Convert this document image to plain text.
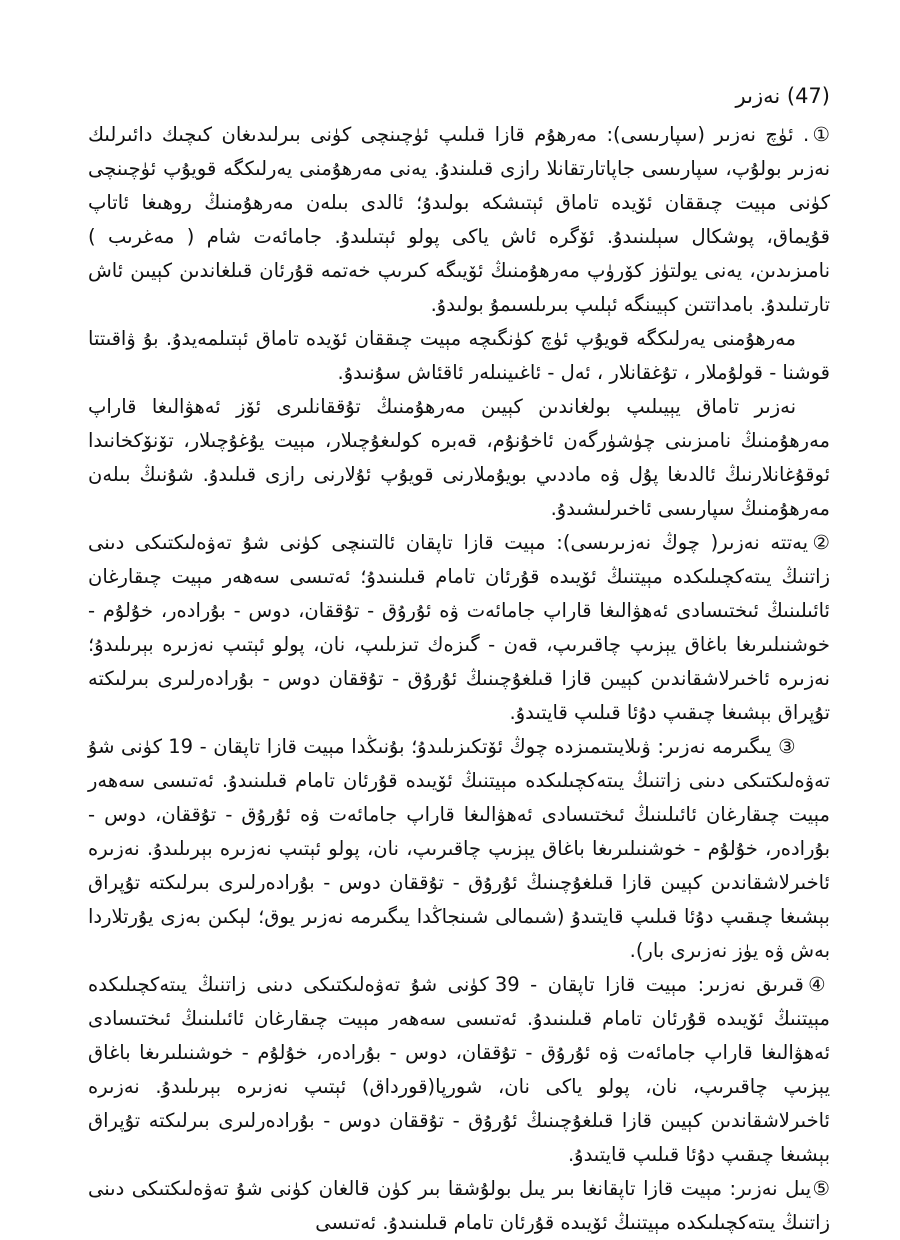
(47) نەزىر

①. ئۈچ نەزىر (سپارىسى): مەرھۇم قازا قىلىپ ئۈچىنچى كۈنى بىرلىدىغان كىچىك دائىرلىك نەزىر بولۇپ، سپارىسى جاپاتارتقانلا رازى قىلىندۇ. يەنى مەرھۇمنى يەرلىكگە قويۇپ ئۈچىنچى كۈنى مېيت چىققان ئۆيدە تاماق ئېتىشكە بولىدۇ؛ ئالدى بىلەن مەرھۇمنىڭ روھىغا ئاتاپ قۇيماق، پوشكال سېلىنىدۇ. ئۆگرە ئاش ياكى پولو ئېتىلىدۇ. جامائەت شام ( مەغرىب ) نامىزىدىن، يەنى يولتۈز كۆرۈپ مەرھۇمنىڭ ئۆيىگە كىرىپ خەتمە قۇرئان قىلغاندىن كېيىن ئاش تارتىلىدۇ. بامداتتىن كېيىنگە ئېلىپ بىرىلسىمۇ بولىدۇ.

مەرھۇمنى يەرلىكگە قويۇپ ئۈچ كۈنگىچە مېيت چىققان ئۆيدە تاماق ئېتىلمەيدۇ. بۇ ۋاقىتتا قوشنا - قولۇملار ، تۇغقانلار ، ئەل - ئاغىينىلەر ئاقئاش سۇنىدۇ.

نەزىر تاماق يېيىلىپ بولغاندىن كېيىن مەرھۇمنىڭ تۇققانلىرى ئۆز ئەھۋالىغا قاراپ مەرھۇمنىڭ نامىزىنى چۈشۈرگەن ئاخۇنۇم، قەبرە كولىغۇچىلار، مېيت يۇغۇچىلار، تۆنۆكخانىدا ئوقۇغانلارنىڭ ئالدىغا پۇل ۋە ماددىي بويۇملارنى قويۇپ ئۇلارنى رازى قىلىدۇ. شۇنىڭ بىلەن مەرھۇمنىڭ سپارىسى ئاخىرلىشىدۇ.

②يەتتە نەزىر( چوڭ نەزىرىسى): مېيت قازا تاپقان ئالتىنچى كۈنى شۇ تەۋەلىكتىكى دىنى زاتنىڭ يىتەكچىلىكدە مېيتنىڭ ئۆيىدە قۇرئان تامام قىلىنىدۇ؛ ئەتىسى سەھەر مېيت چىقارغان ئائىلىنىڭ ئىختىسادى ئەھۋالىغا قاراپ جامائەت ۋە ئۇرۇق - تۇققان، دوس - بۇرادەر، خۇلۇم - خوشنىلىرىغا باغاق يېزىپ چاقىرىپ، قەن - گىزەك تىزىلىپ، نان، پولو ئېتىپ نەزىرە بېرىلىدۇ؛ نەزىرە ئاخىرلاشقاندىن كېيىن قازا قىلغۇچىنىڭ ئۇرۇق - تۇققان دوس - بۇرادەرلىرى بىرلىكتە تۇپراق بېشىغا چىقىپ دۇئا قىلىپ قايتىدۇ.

③ يىگىرمە نەزىر: ۋىلايىتىمىزدە چوڭ ئۆتكىزىلىدۇ؛ بۇنىڭدا مېيت قازا تاپقان - 19 كۈنى شۇ تەۋەلىكتىكى دىنى زاتنىڭ يىتەكچىلىكدە مېيتنىڭ ئۆيىدە قۇرئان تامام قىلىنىدۇ. ئەتىسى سەھەر مېيت چىقارغان ئائىلىنىڭ ئىختىسادى ئەھۋالىغا قاراپ جامائەت ۋە ئۇرۇق - تۇققان، دوس - بۇرادەر، خۇلۇم - خوشنىلىرىغا باغاق يېزىپ چاقىرىپ، نان، پولو ئېتىپ نەزىرە بېرىلىدۇ. نەزىرە ئاخىرلاشقاندىن كېيىن قازا قىلغۇچىنىڭ ئۇرۇق - تۇققان دوس - بۇرادەرلىرى بىرلىكتە تۇپراق بېشىغا چىقىپ دۇئا قىلىپ قايتىدۇ (شىمالى شىنجاڭدا يىگىرمە نەزىر يوق؛ لېكىن بەزى يۇرتلاردا بەش ۋە يۈز نەزىرى بار).

④قىرىق نەزىر: مېيت قازا تاپقان - 39 كۈنى شۇ تەۋەلىكتىكى دىنى زاتنىڭ يىتەكچىلىكدە مېيتنىڭ ئۆيىدە قۇرئان تامام قىلىنىدۇ. ئەتىسى سەھەر مېيت چىقارغان ئائىلىنىڭ ئىختىسادى ئەھۋالىغا قاراپ جامائەت ۋە ئۇرۇق - تۇققان، دوس - بۇرادەر، خۇلۇم - خوشنىلىرىغا باغاق يېزىپ چاقىرىپ، نان، پولو ياكى نان، شورپا(قورداق) ئېتىپ نەزىرە بېرىلىدۇ. نەزىرە ئاخىرلاشقاندىن كېيىن قازا قىلغۇچىنىڭ ئۇرۇق - تۇققان دوس - بۇرادەرلىرى بىرلىكتە تۇپراق بېشىغا چىقىپ دۇئا قىلىپ قايتىدۇ.

⑤يىل نەزىر: مېيت قازا تاپقانغا بىر يىل بولۇشقا بىر كۈن قالغان كۈنى شۇ تەۋەلىكتىكى دىنى زاتنىڭ يىتەكچىلىكدە مېيتنىڭ ئۆيىدە قۇرئان تامام قىلىنىدۇ. ئەتىسى
